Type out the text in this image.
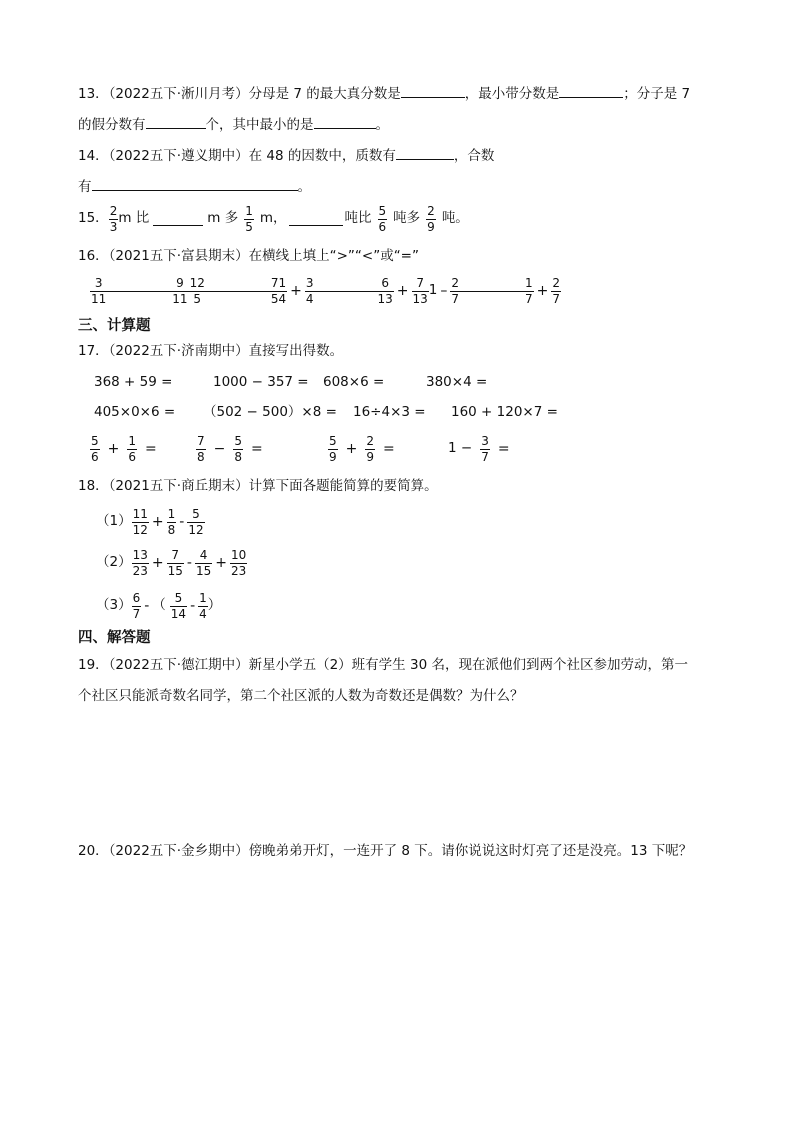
13．（2022五下·淅川月考）分母是 7 的最大真分数是	，最小带分数是	；分子是 7
的假分数有	个，其中最小的是	。
14．（2022五下·遵义期中）在 48 的因数中，质数有	，合数
有	。
15． $\frac{2}{3}$ m 比	m 多 $\frac{1}{5}$ m，	吨比 $\frac{5}{6}$ 吨多 $\frac{2}{9}$ 吨。
16．（2021五下·富县期末）在横线上填上“>”“<”或“=”
$\frac{3}{11}$	$\frac{9}{11} \frac{12}{5}$	$\frac{71}{54} + \frac{3}{4}$	$\frac{6}{13} + \frac{7}{13} 1 - \frac{2}{7}$	$\frac{1}{7} + \frac{2}{7}$
三、计算题
17．（2022五下·济南期中）直接写出得数。
368 + 59 =	1000 − 357 = 608×6 =	380×4 =
405×0×6 = （502 − 500）×8 = 16÷4×3 = 160 + 120×7 =
$\frac{5}{6} + \frac{1}{6}$ =	$\frac{7}{8} - \frac{5}{8}$ =	$\frac{5}{9} + \frac{2}{9}$ =	$1 - \frac{3}{7}$ =
18．（2021五下·商丘期末）计算下面各题能简算的要简算。
$(1) \frac{11}{12} + \frac{1}{8} - \frac{5}{12}$
$(2) \frac{13}{23} + \frac{7}{15} - \frac{4}{15} + \frac{10}{23}$
$(3) \frac{6}{7}$ - （ $\frac{5}{14} - \frac{1}{4}$ ）
四、解答题
19．（2022五下·德江期中）新星小学五（2）班有学生 30 名，现在派他们到两个社区参加劳动，第一
个社区只能派奇数名同学，第二个社区派的人数为奇数还是偶数？为什么？
20．（2022五下·金乡期中）傍晚弟弟开灯，一连开了 8 下。请你说说这时灯亮了还是没亮。13 下呢？
